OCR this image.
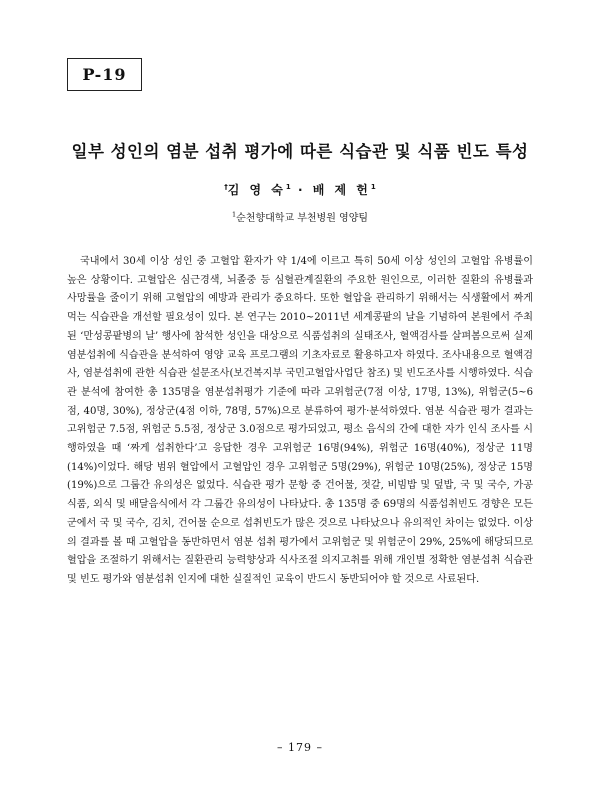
P-19
일부 성인의 염분 섭취 평가에 따른 식습관 및 식품 빈도 특성
†김 영 숙$^1$ · 배 제 헌$^1$
$^1$순천향대학교 부천병원 영양팀

국내에서 30세 이상 성인 중 고혈압 환자가 약 1/4에 이르고 특히 50세 이상 성인의 고혈압 유병률이 높은 상황이다. 고혈압은 심근경색, 뇌졸중 등 심혈관계질환의 주요한 원인으로, 이러한 질환의 유병률과 사망률을 줄이기 위해 고혈압의 예방과 관리가 중요하다. 또한 혈압을 관리하기 위해서는 식생활에서 짜게 먹는 식습관을 개선할 필요성이 있다. 본 연구는 2010~2011년 세계콩팥의 날을 기념하여 본원에서 주최된 ‘만성콩팥병의 날’ 행사에 참석한 성인을 대상으로 식품섭취의 실태조사, 혈액검사를 살펴봄으로써 실제 염분섭취에 식습관을 분석하여 영양 교육 프로그램의 기초자료로 활용하고자 하였다. 조사내용으로 혈액검사, 염분섭취에 관한 식습관 설문조사(보건복지부 국민고혈압사업단 참조) 및 빈도조사를 시행하였다. 식습관 분석에 참여한 총 135명을 염분섭취평가 기준에 따라 고위험군(7점 이상, 17명, 13%), 위험군(5~6점, 40명, 30%), 정상군(4점 이하, 78명, 57%)으로 분류하여 평가·분석하였다. 염분 식습관 평가 결과는 고위험군 7.5점, 위험군 5.5점, 정상군 3.0점으로 평가되었고, 평소 음식의 간에 대한 자가 인식 조사를 시행하였을 때 ‘짜게 섭취한다’고 응답한 경우 고위험군 16명(94%), 위험군 16명(40%), 정상군 11명(14%)이었다. 해당 범위 혈압에서 고혈압인 경우 고위험군 5명(29%), 위험군 10명(25%), 정상군 15명(19%)으로 그룹간 유의성은 없었다. 식습관 평가 문항 중 건어물, 젓갈, 비빔밥 및 덮밥, 국 및 국수, 가공식품, 외식 및 배달음식에서 각 그룹간 유의성이 나타났다. 총 135명 중 69명의 식품섭취빈도 경향은 모든 군에서 국 및 국수, 김치, 건어물 순으로 섭취빈도가 많은 것으로 나타났으나 유의적인 차이는 없었다. 이상의 결과를 볼 때 고혈압을 동반하면서 염분 섭취 평가에서 고위험군 및 위험군이 29%, 25%에 해당되므로 혈압을 조절하기 위해서는 질환관리 능력향상과 식사조절 의지고취를 위해 개인별 정확한 염분섭취 식습관 및 빈도 평가와 염분섭취 인지에 대한 실질적인 교육이 반드시 동반되어야 할 것으로 사료된다.

– 179 –
